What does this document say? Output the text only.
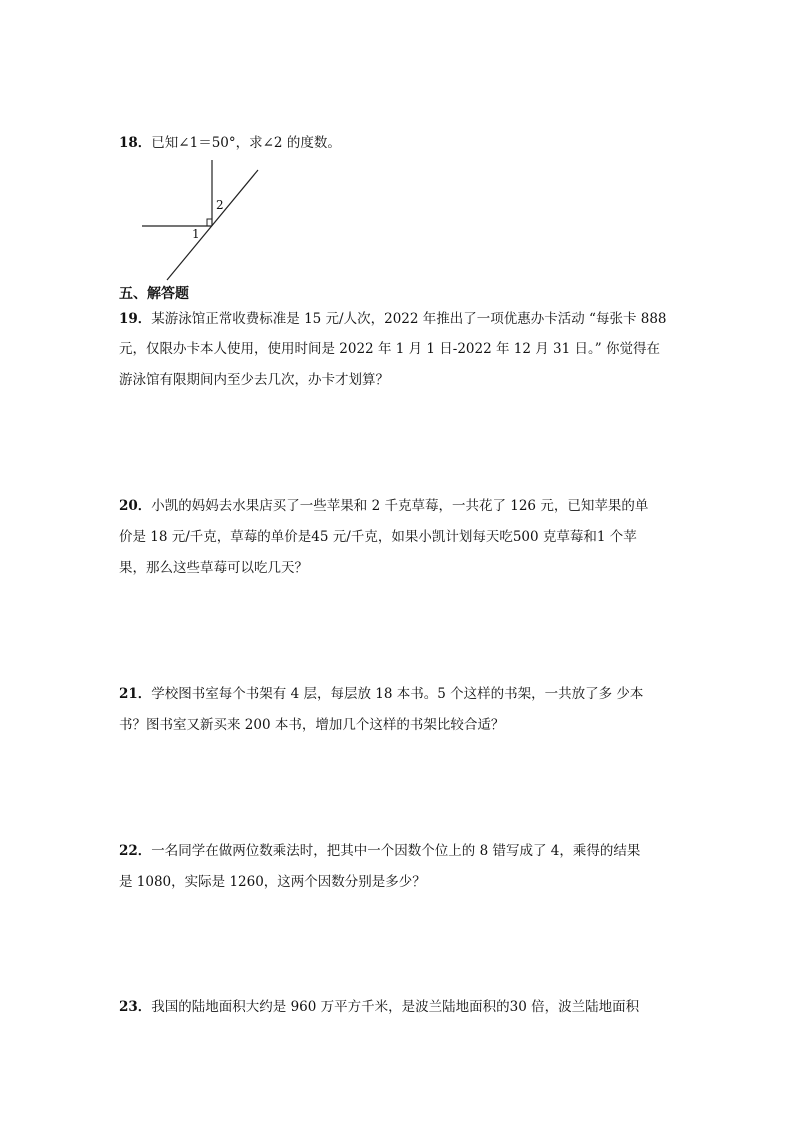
18．已知∠1＝50°，求∠2 的度数。
1
2
五、解答题
19．某游泳馆正常收费标准是 15 元/人次，2022 年推出了一项优惠办卡活动 “每张卡 888
元，仅限办卡本人使用，使用时间是 2022 年 1 月 1 日-2022 年 12 月 31 日。” 你觉得在
游泳馆有限期间内至少去几次，办卡才划算？
20．小凯的妈妈去水果店买了一些苹果和 2 千克草莓，一共花了 126 元，已知苹果的单
价是 18 元/千克，草莓的单价是45 元/千克，如果小凯计划每天吃500 克草莓和1 个苹
果，那么这些草莓可以吃几天？
21．学校图书室每个书架有 4 层，每层放 18 本书。5 个这样的书架，一共放了多 少本
书？图书室又新买来 200 本书，增加几个这样的书架比较合适？
22．一名同学在做两位数乘法时，把其中一个因数个位上的 8 错写成了 4，乘得的结果
是 1080，实际是 1260，这两个因数分别是多少？
23．我国的陆地面积大约是 960 万平方千米，是波兰陆地面积的30 倍，波兰陆地面积
